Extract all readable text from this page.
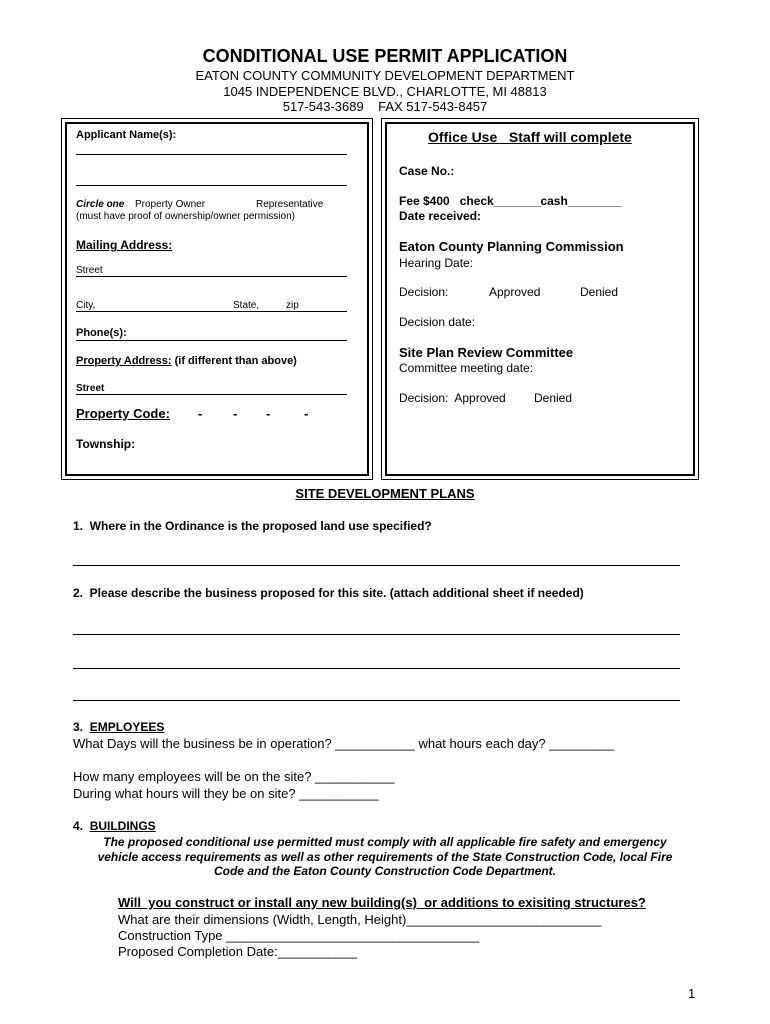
CONDITIONAL USE PERMIT APPLICATION
EATON COUNTY COMMUNITY DEVELOPMENT DEPARTMENT
1045 INDEPENDENCE BLVD., CHARLOTTE, MI 48813
517-543-3689    FAX 517-543-8457
Applicant Name(s):
Circle one Property Owner	Representative
(must have proof of ownership/owner permission)
Mailing Address:
Street
City,	State,	zip
Phone(s):
Property Address: (if different than above)
Street
Property Code: - - -	-
Township:
Office Use   Staff will complete
Case No.:
Fee $400   check_______cash________
Date received:
Eaton County Planning Commission
Hearing Date:
Decision:	Approved	Denied
Decision date:
Site Plan Review Committee
Committee meeting date:
Decision:  Approved Denied
SITE DEVELOPMENT PLANS
1.  Where in the Ordinance is the proposed land use specified?
2.  Please describe the business proposed for this site. (attach additional sheet if needed)
3. EMPLOYEES
What Days will the business be in operation? ___________ what hours each day? _________
How many employees will be on the site? ___________
During what hours will they be on site? ___________
4. BUILDINGS
The proposed conditional use permitted must comply with all applicable fire safety and emergency
vehicle access requirements as well as other requirements of the State Construction Code, local Fire
Code and the Eaton County Construction Code Department.
Will  you construct or install any new building(s)  or additions to exisiting structures?
What are their dimensions (Width, Length, Height)___________________________
Construction Type ___________________________________
Proposed Completion Date:___________
1
